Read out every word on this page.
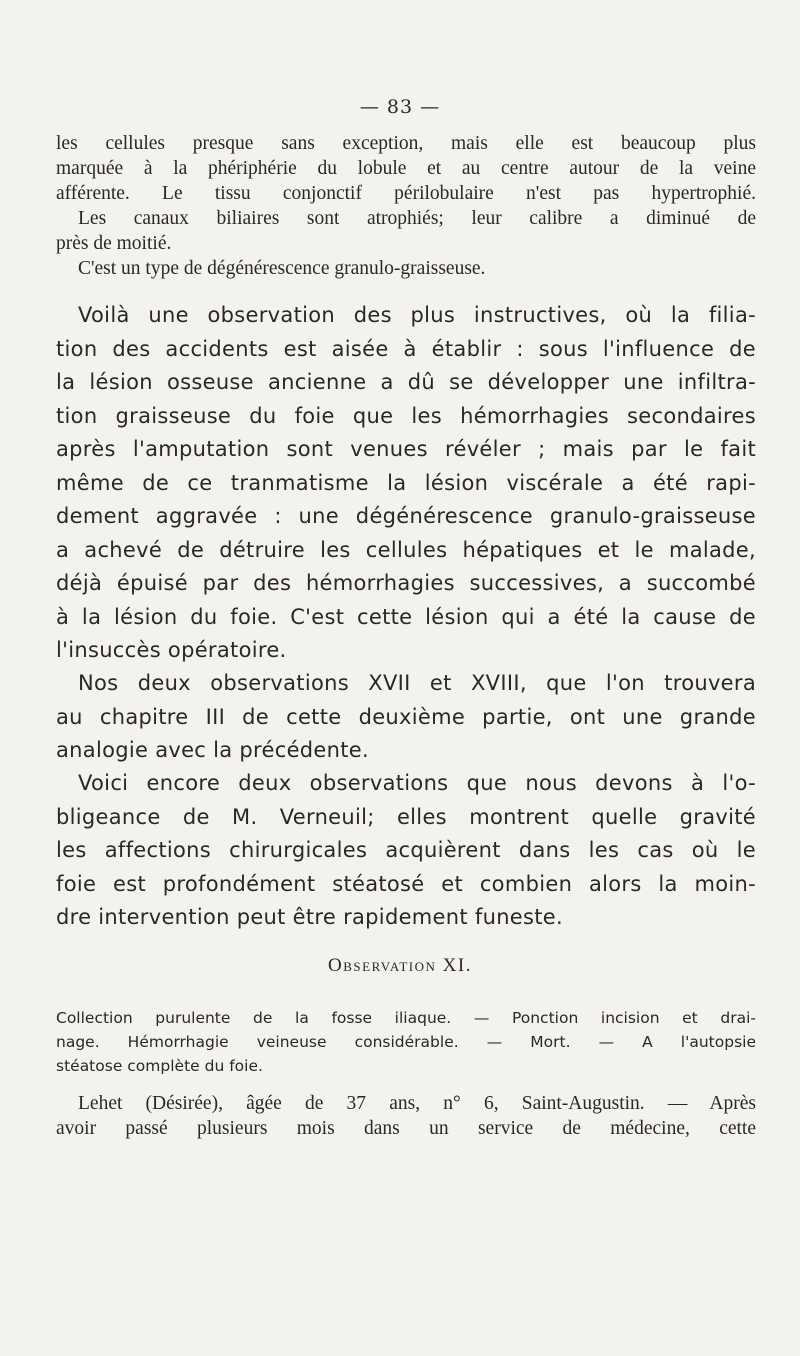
— 83 —
les cellules presque sans exception, mais elle est beaucoup plus
marquée à la phériphérie du lobule et au centre autour de la veine
afférente. Le tissu conjonctif périlobulaire n'est pas hypertrophié.
Les canaux biliaires sont atrophiés; leur calibre a diminué de
près de moitié.
C'est un type de dégénérescence granulo-graisseuse.
Voilà une observation des plus instructives, où la filia-
tion des accidents est aisée à établir : sous l'influence de
la lésion osseuse ancienne a dû se développer une infiltra-
tion graisseuse du foie que les hémorrhagies secondaires
après l'amputation sont venues révéler ; mais par le fait
même de ce tranmatisme la lésion viscérale a été rapi-
dement aggravée : une dégénérescence granulo-graisseuse
a achevé de détruire les cellules hépatiques et le malade,
déjà épuisé par des hémorrhagies successives, a succombé
à la lésion du foie. C'est cette lésion qui a été la cause de
l'insuccès opératoire.
Nos deux observations XVII et XVIII, que l'on trouvera
au chapitre III de cette deuxième partie, ont une grande
analogie avec la précédente.
Voici encore deux observations que nous devons à l'o-
bligeance de M. Verneuil; elles montrent quelle gravité
les affections chirurgicales acquièrent dans les cas où le
foie est profondément stéatosé et combien alors la moin-
dre intervention peut être rapidement funeste.
Observation XI.
Collection purulente de la fosse iliaque. — Ponction incision et drai-
nage. Hémorrhagie veineuse considérable. — Mort. — A l'autopsie
stéatose complète du foie.
Lehet (Désirée), âgée de 37 ans, n° 6, Saint-Augustin. — Après
avoir passé plusieurs mois dans un service de médecine, cette
